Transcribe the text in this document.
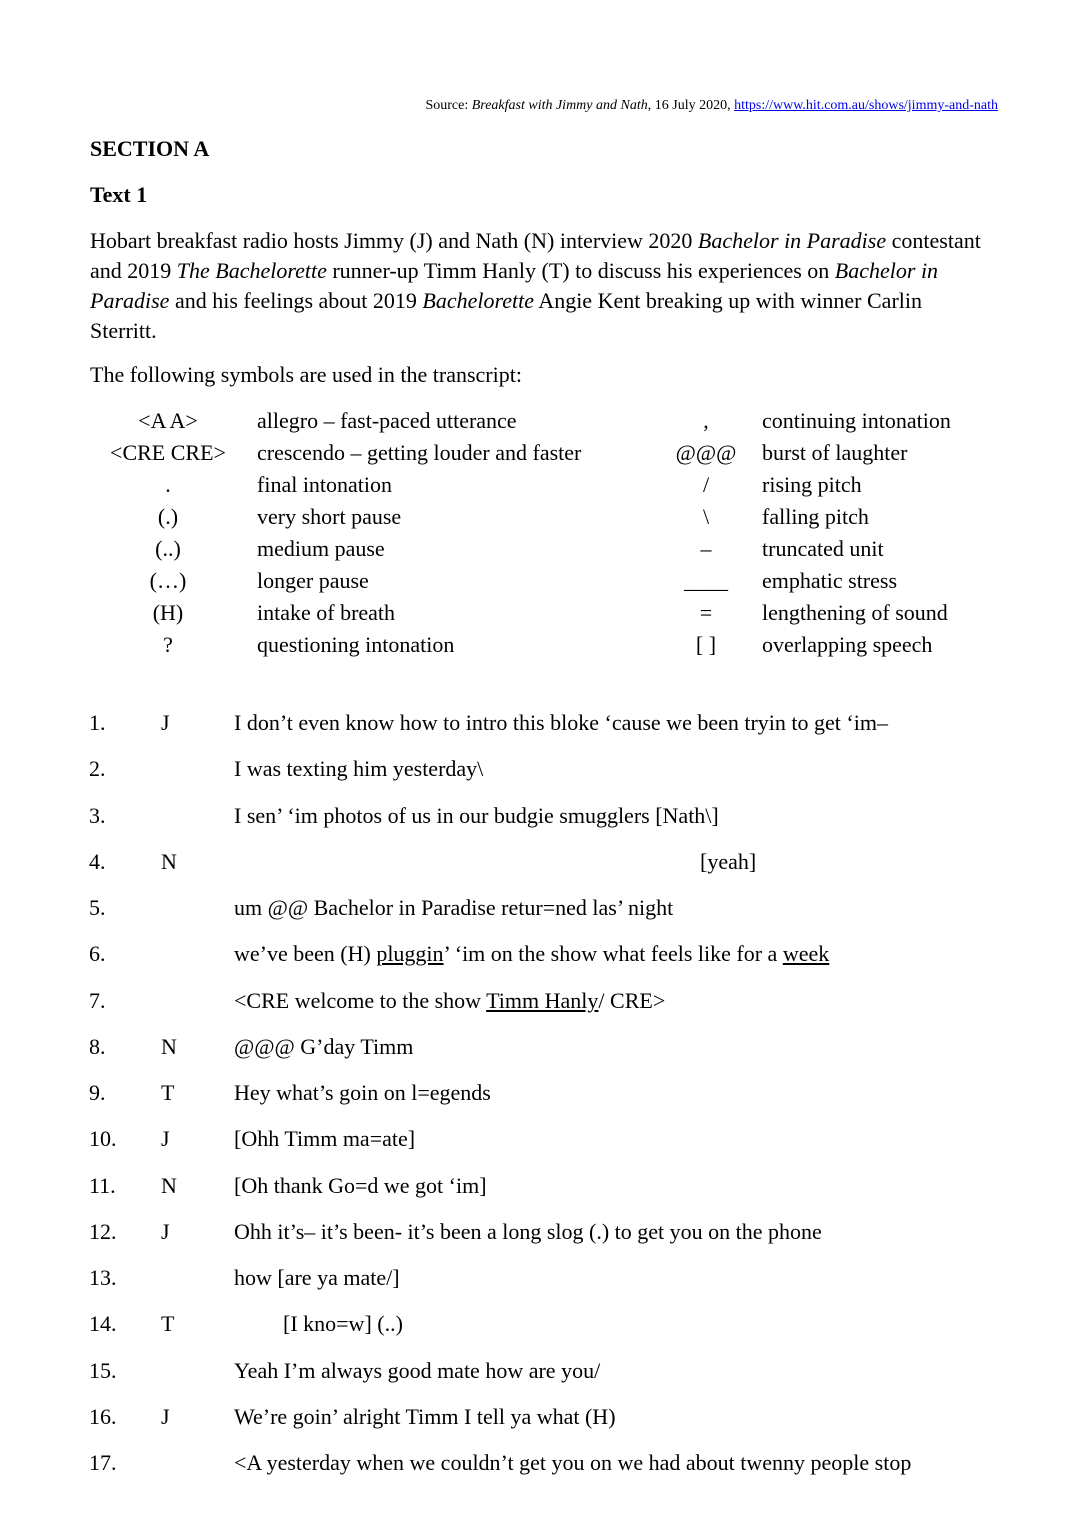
Source: Breakfast with Jimmy and Nath, 16 July 2020, https://www.hit.com.au/shows/jimmy-and-nath
SECTION A
Text 1
Hobart breakfast radio hosts Jimmy (J) and Nath (N) interview 2020 Bachelor in Paradise contestant and 2019 The Bachelorette runner-up Timm Hanly (T) to discuss his experiences on Bachelor in Paradise and his feelings about 2019 Bachelorette Angie Kent breaking up with winner Carlin Sterritt.
The following symbols are used in the transcript:
<A A>	allegro – fast-paced utterance	,	continuing intonation
<CRE CRE>	crescendo – getting louder and faster	@@@	burst of laughter
.	final intonation	/	rising pitch
(.)	very short pause	\	falling pitch
(..)	medium pause	–	truncated unit
(…)	longer pause	____	emphatic stress
(H)	intake of breath	=	lengthening of sound
?	questioning intonation	[ ]	overlapping speech
1.	J	I don’t even know how to intro this bloke ‘cause we been tryin to get ‘im–
2.	I was texting him yesterday\
3.	I sen’ ‘im photos of us in our budgie smugglers [Nath\]
4.	N	[yeah]
5.	um @@ Bachelor in Paradise retur=ned las’ night
6.	we’ve been (H) pluggin’ ‘im on the show what feels like for a week
7.	<CRE welcome to the show Timm Hanly/ CRE>
8.	N	@@@ G’day Timm
9.	T	Hey what’s goin on l=egends
10. J	[Ohh Timm ma=ate]
11. N	[Oh thank Go=d we got ‘im]
12. J	Ohh it’s– it’s been- it’s been a long slog (.) to get you on the phone
13.	how [are ya mate/]
14. T	[I kno=w] (..)
15.	Yeah I’m always good mate how are you/
16. J	We’re goin’ alright Timm I tell ya what (H)
17.	<A yesterday when we couldn’t get you on we had about twenny people stop
